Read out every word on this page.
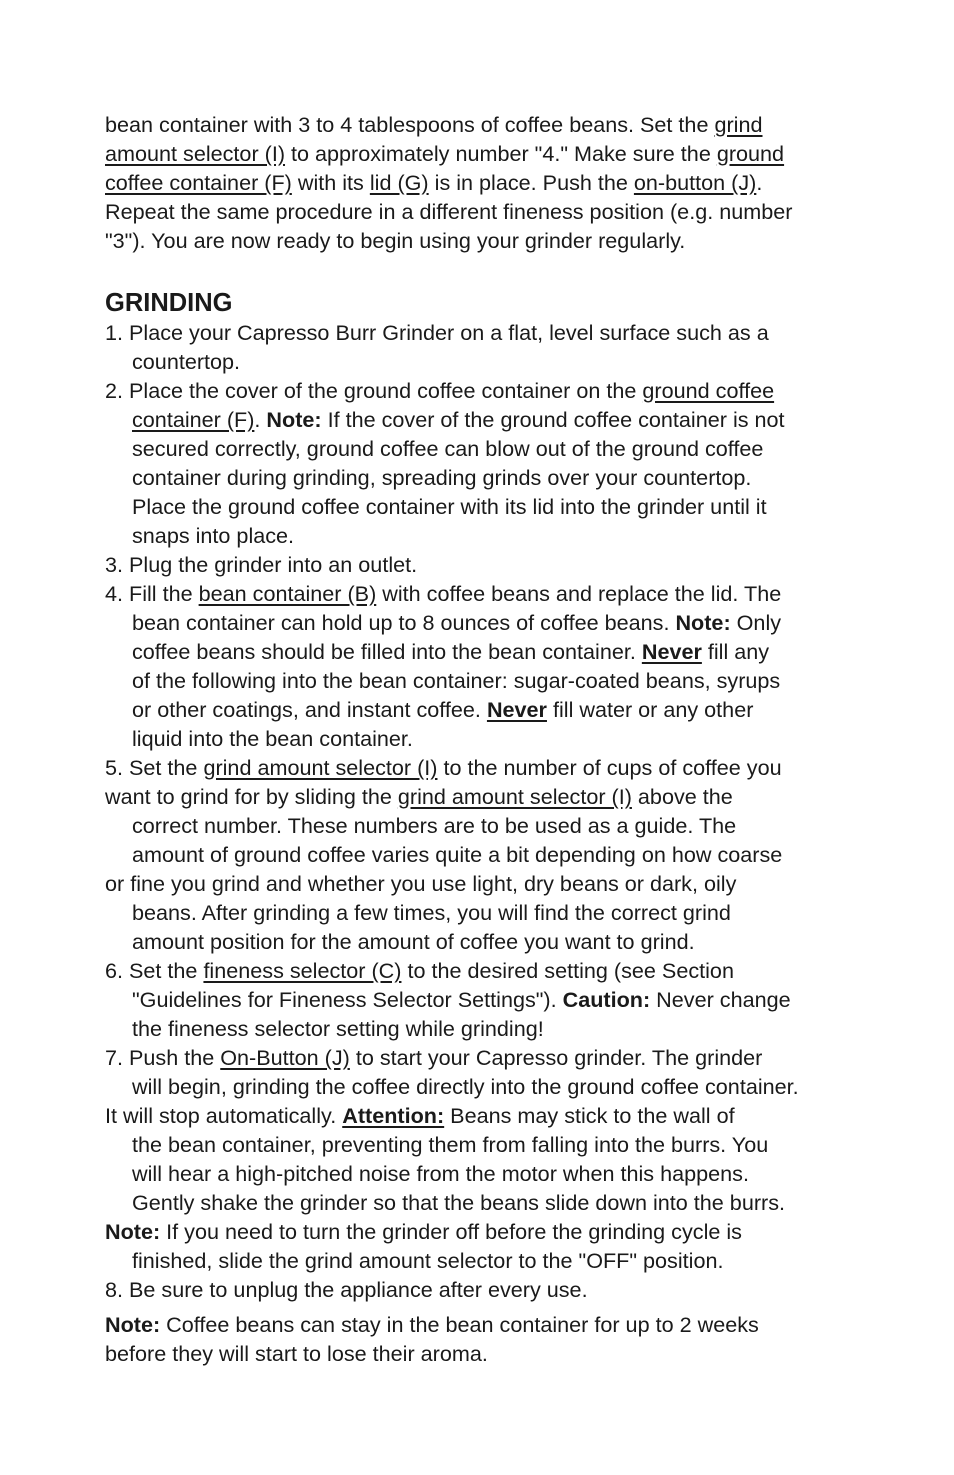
bean container with 3 to 4 tablespoons of coffee beans. Set the grind
amount selector (I) to approximately number "4." Make sure the ground
coffee container (F) with its lid (G) is in place. Push the on-button (J).
Repeat the same procedure in a different fineness position (e.g. number
"3"). You are now ready to begin using your grinder regularly.
GRINDING
1. Place your Capresso Burr Grinder on a flat, level surface such as a
countertop.
2. Place the cover of the ground coffee container on the ground coffee
container (F). Note: If the cover of the ground coffee container is not
secured correctly, ground coffee can blow out of the ground coffee
container during grinding, spreading grinds over your countertop.
Place the ground coffee container with its lid into the grinder until it
snaps into place.
3. Plug the grinder into an outlet.
4. Fill the bean container (B) with coffee beans and replace the lid. The
bean container can hold up to 8 ounces of coffee beans. Note: Only
coffee beans should be filled into the bean container. Never fill any
of the following into the bean container: sugar-coated beans, syrups
or other coatings, and instant coffee. Never fill water or any other
liquid into the bean container.
5. Set the grind amount selector (I) to the number of cups of coffee you
want to grind for by sliding the grind amount selector (I) above the
correct number. These numbers are to be used as a guide. The
amount of ground coffee varies quite a bit depending on how coarse
or fine you grind and whether you use light, dry beans or dark, oily
beans. After grinding a few times, you will find the correct grind
amount position for the amount of coffee you want to grind.
6. Set the fineness selector (C) to the desired setting (see Section
"Guidelines for Fineness Selector Settings"). Caution: Never change
the fineness selector setting while grinding!
7. Push the On-Button (J) to start your Capresso grinder. The grinder
will begin, grinding the coffee directly into the ground coffee container.
It will stop automatically. Attention: Beans may stick to the wall of
the bean container, preventing them from falling into the burrs. You
will hear a high-pitched noise from the motor when this happens.
Gently shake the grinder so that the beans slide down into the burrs.
Note: If you need to turn the grinder off before the grinding cycle is
finished, slide the grind amount selector to the "OFF" position.
8. Be sure to unplug the appliance after every use.
Note: Coffee beans can stay in the bean container for up to 2 weeks
before they will start to lose their aroma.
